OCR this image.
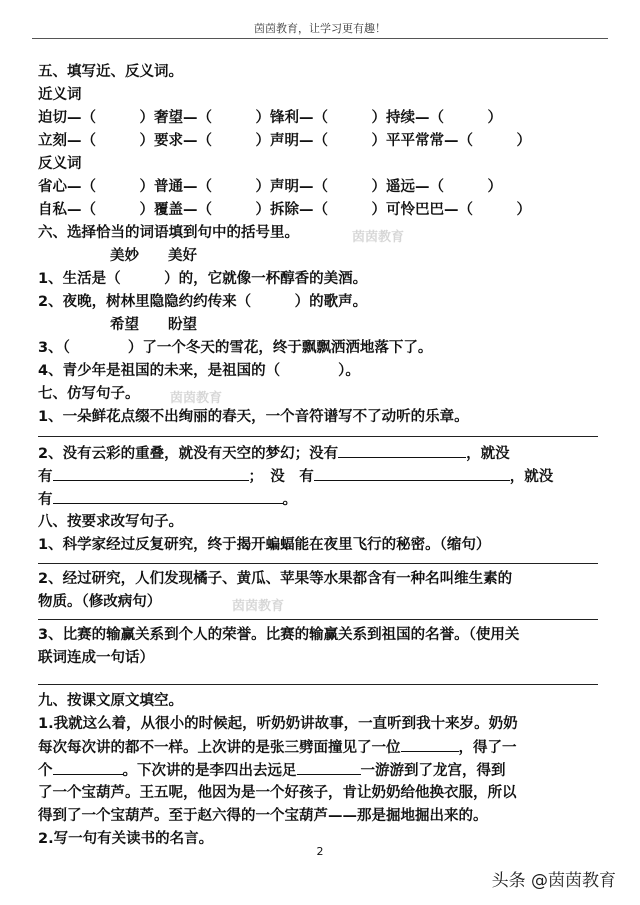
茵茵教育，让学习更有趣！
五、填写近、反义词。
近义词
迫切—（　　　）奢望—（　　　）锋利—（　　　）持续—（　　　）
立刻—（　　　）要求—（　　　）声明—（　　　）平平常常—（　　　）
反义词
省心—（　　　）普通—（　　　）声明—（　　　）遥远—（　　　）
自私—（　　　）覆盖—（　　　）拆除—（　　　）可怜巴巴—（　　　）
六、选择恰当的词语填到句中的括号里。	茵茵教育
美妙　　美好
1、生活是（　　　）的，它就像一杯醇香的美酒。
2、夜晚，树林里隐隐约约传来（　　　）的歌声。
希望　　盼望
3、（　　　　）了一个冬天的雪花，终于飘飘洒洒地落下了。
4、青少年是祖国的未来，是祖国的（　　　　）。
七、仿写句子。 茵茵教育
1、一朵鲜花点缀不出绚丽的春天，一个音符谱写不了动听的乐章。
2、没有云彩的重叠，就没有天空的梦幻；没有	，就没
有	；　没　有	，就没
有	。
八、按要求改写句子。
1、科学家经过反复研究，终于揭开蝙蝠能在夜里飞行的秘密。（缩句）
2、经过研究，人们发现橘子、黄瓜、苹果等水果都含有一种名叫维生素的
物质。（修改病句）	茵茵教育
3、比赛的输赢关系到个人的荣誉。比赛的输赢关系到祖国的名誉。（使用关
联词连成一句话）
九、按课文原文填空。
1.我就这么着，从很小的时候起，听奶奶讲故事，一直听到我十来岁。奶奶
每次每次讲的都不一样。上次讲的是张三劈面撞见了一位	，得了一
个	。下次讲的是李四出去远足	一游游到了龙宫，得到
了一个宝葫芦。王五呢，他因为是一个好孩子，肯让奶奶给他换衣服，所以
得到了一个宝葫芦。至于赵六得的一个宝葫芦——那是掘地掘出来的。
2.写一句有关读书的名言。
2
头条 @茵茵教育
